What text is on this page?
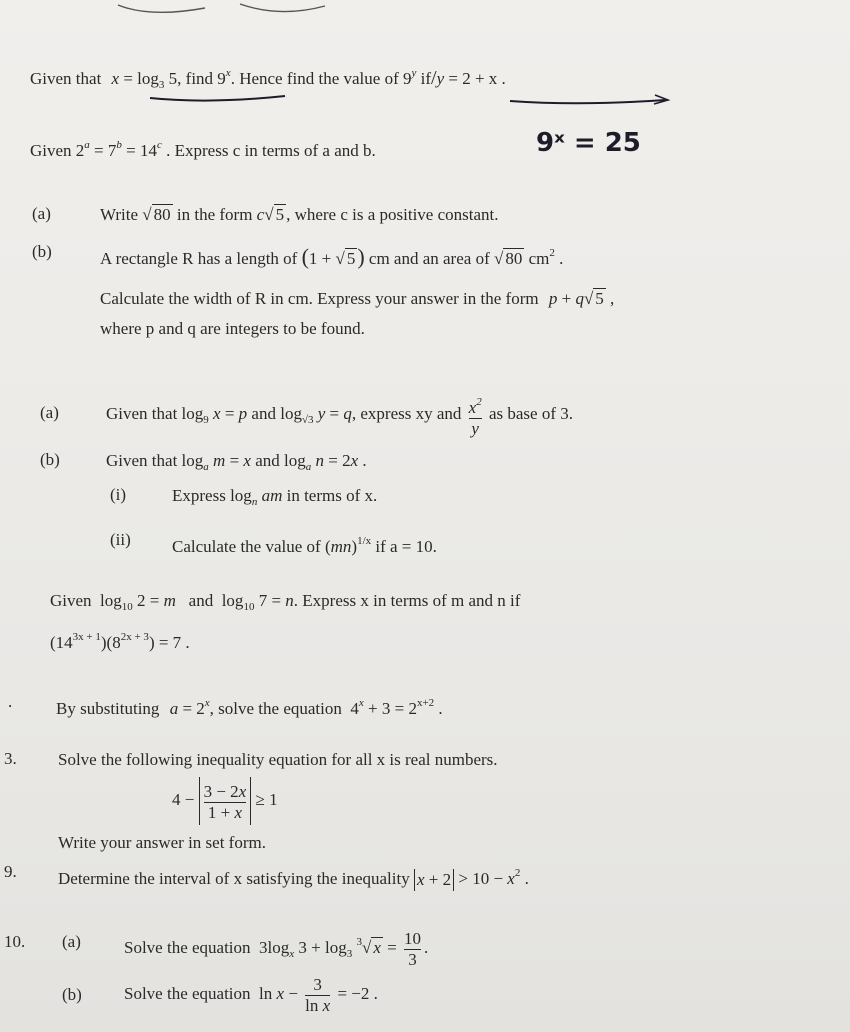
Given that $x = \log_3 5$, find 9$^x$. Hence find the value of 9$^y$ if/y = 2 + x .
Given $2^a = 7^b = 14^c$ . Express c in terms of a and b.	9ˣ = 25
(a)	Write √ 80 in the form c√ 5 , where c is a positive constant.
(b)	A rectangle R has a length of (1 + √ 5) cm and an area of √ 80 $cm^2$ .
Calculate the width of R in cm. Express your answer in the form p + q√ 5 ,
where p and q are integers to be found.
(a)	Given that $\log_9 x = p$ and $\log_{√3} y = q$, express xy and $\frac{x^2}{y}$ as base of 3.
(b)	Given that $\log_a m = x$ and $\log_a n = 2x$ .
(i)	Express $\log_n$ am in terms of x.
(ii) Calculate the value of (mn)$^{1/x}$ if a = 10.
Given  $\log_{10} 2 = m$ and  $\log_{10} 7 = n$. Express x in terms of m and n if
$(14^{3x + 1})(8^{2x + 3}) = 7$ .
.	By substituting $a = 2^x$, solve the equation  $4^x + 3 = 2^{x+2}$ .
3. Solve the following inequality equation for all x is real numbers.
$4 - \frac{3 - 2x}{1 + x} \ge 1$
Write your answer in set form.
9. Determine the interval of x satisfying the inequality $x + 2 > 10 - x^2$ .
10. (a)	Solve the equation  $3\log_x$ $3 + \log_3 ^3√$ $x = \frac{10}{3}$ .
(b) Solve the equation  $\ln x - \frac{3}{\text{ln x}} = -2$ .
